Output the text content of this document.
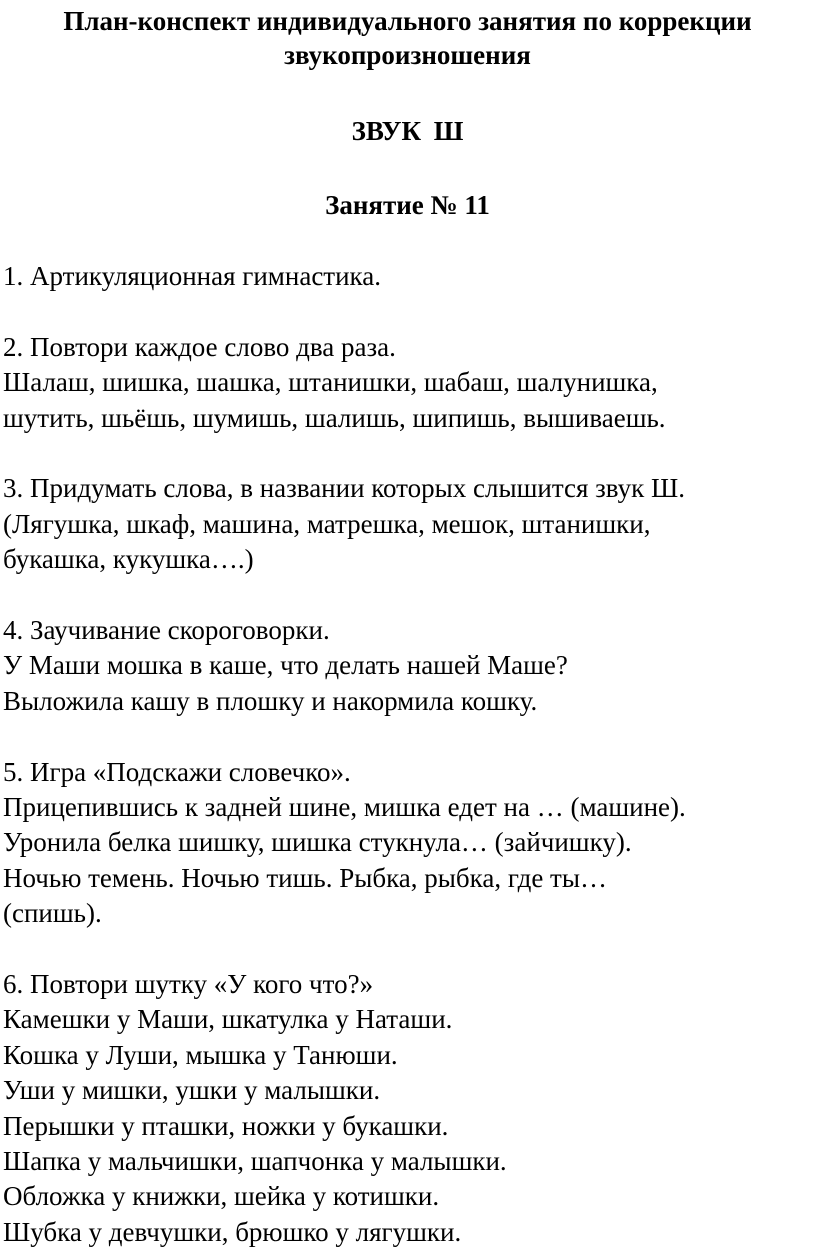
План-конспект индивидуального занятия по коррекции
звукопроизношения
ЗВУК Ш
Занятие № 11
1. Артикуляционная гимнастика.
2. Повтори каждое слово два раза.
Шалаш, шишка, шашка, штанишки, шабаш, шалунишка,
шутить, шьёшь, шумишь, шалишь, шипишь, вышиваешь.
3. Придумать слова, в названии которых слышится звук Ш.
(Лягушка, шкаф, машина, матрешка, мешок, штанишки,
букашка, кукушка….)
4. Заучивание скороговорки.
У Маши мошка в каше, что делать нашей Маше?
Выложила кашу в плошку и накормила кошку.
5. Игра «Подскажи словечко».
Прицепившись к задней шине, мишка едет на … (машине).
Уронила белка шишку, шишка стукнула… (зайчишку).
Ночью темень. Ночью тишь. Рыбка, рыбка, где ты…
(спишь).
6. Повтори шутку «У кого что?»
Камешки у Маши, шкатулка у Наташи.
Кошка у Луши, мышка у Танюши.
Уши у мишки, ушки у малышки.
Перышки у пташки, ножки у букашки.
Шапка у мальчишки, шапчонка у малышки.
Обложка у книжки, шейка у котишки.
Шубка у девчушки, брюшко у лягушки.
